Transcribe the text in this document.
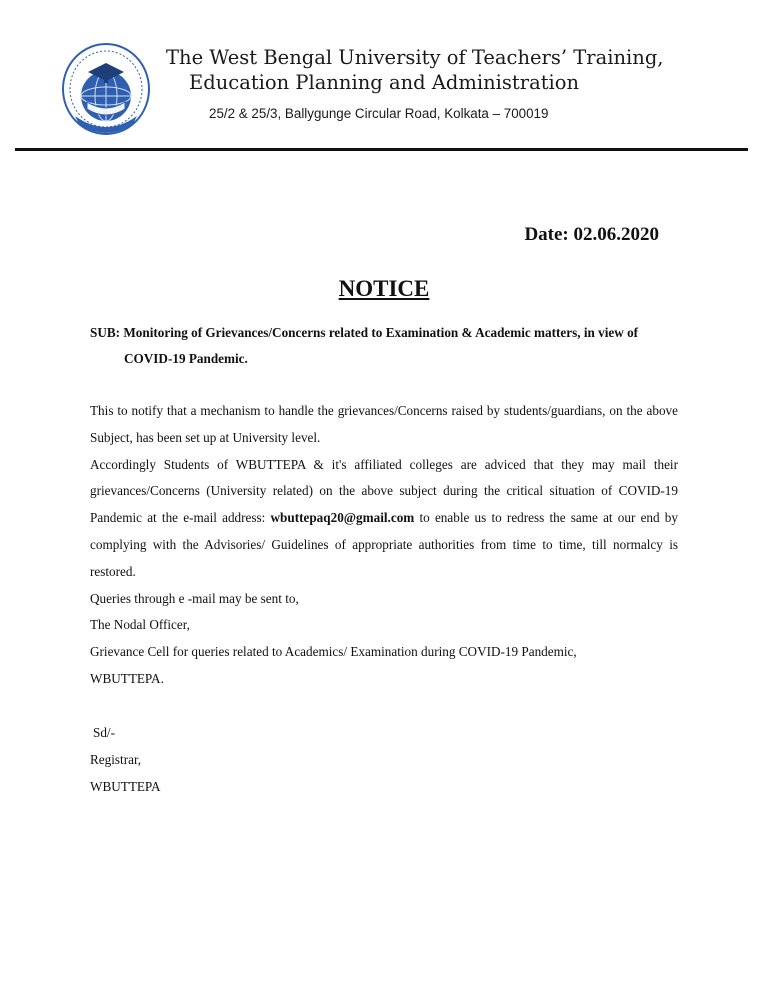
The West Bengal University of Teachers’ Training,
Education Planning and Administration
25/2 & 25/3, Ballygunge Circular Road, Kolkata – 700019
Date: 02.06.2020
NOTICE
SUB: Monitoring of Grievances/Concerns related to Examination & Academic matters, in view of
COVID-19 Pandemic.

This to notify that a mechanism to handle the grievances/Concerns raised by students/guardians, on the above Subject, has been set up at University level.

Accordingly Students of WBUTTEPA & it's affiliated colleges are adviced that they may mail their grievances/Concerns (University related) on the above subject during the critical situation of COVID-19 Pandemic at the e-mail address: wbuttepaq20@gmail.com to enable us to redress the same at our end by complying with the Advisories/ Guidelines of appropriate authorities from time to time, till normalcy is restored.

Queries through e -mail may be sent to,
The Nodal Officer,
Grievance Cell for queries related to Academics/ Examination during COVID-19 Pandemic,
WBUTTEPA.
Sd/-
Registrar,
WBUTTEPA
